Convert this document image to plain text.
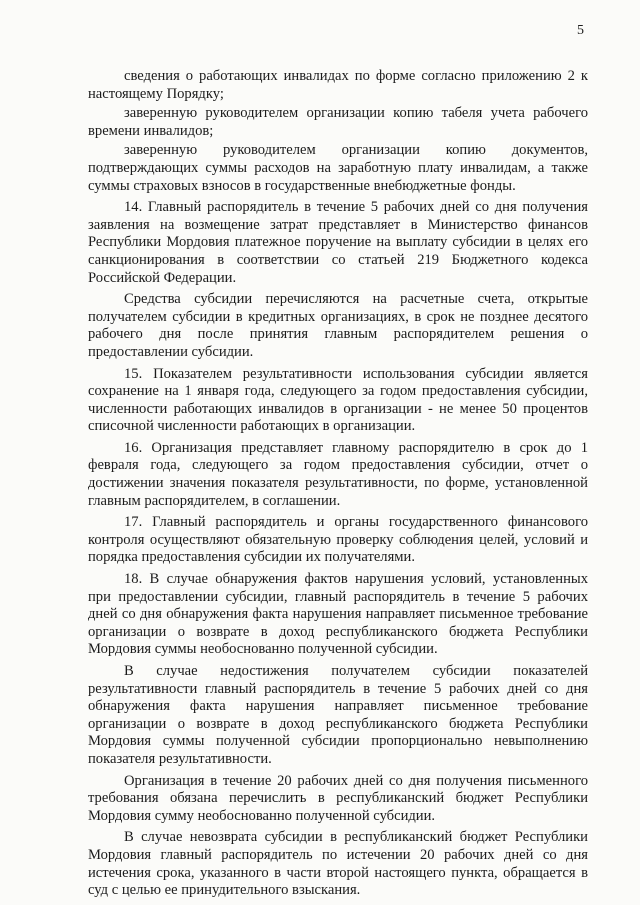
5

сведения о работающих инвалидах по форме согласно приложению 2 к настоящему Порядку;

заверенную руководителем организации копию табеля учета рабочего времени инвалидов;

заверенную руководителем организации копию документов, подтверждающих суммы расходов на заработную плату инвалидам, а также суммы страховых взносов в государственные внебюджетные фонды.

14. Главный распорядитель в течение 5 рабочих дней со дня получения заявления на возмещение затрат представляет в Министерство финансов Республики Мордовия платежное поручение на выплату субсидии в целях его санкционирования в соответствии со статьей 219 Бюджетного кодекса Российской Федерации.

Средства субсидии перечисляются на расчетные счета, открытые получателем субсидии в кредитных организациях, в срок не позднее десятого рабочего дня после принятия главным распорядителем решения о предоставлении субсидии.

15. Показателем результативности использования субсидии является сохранение на 1 января года, следующего за годом предоставления субсидии, численности работающих инвалидов в организации - не менее 50 процентов списочной численности работающих в организации.

16. Организация представляет главному распорядителю в срок до 1 февраля года, следующего за годом предоставления субсидии, отчет о достижении значения показателя результативности, по форме, установленной главным распорядителем, в соглашении.

17. Главный распорядитель и органы государственного финансового контроля осуществляют обязательную проверку соблюдения целей, условий и порядка предоставления субсидии их получателями.

18. В случае обнаружения фактов нарушения условий, установленных при предоставлении субсидии, главный распорядитель в течение 5 рабочих дней со дня обнаружения факта нарушения направляет письменное требование организации о возврате в доход республиканского бюджета Республики Мордовия суммы необоснованно полученной субсидии.

В случае недостижения получателем субсидии показателей результативности главный распорядитель в течение 5 рабочих дней со дня обнаружения факта нарушения направляет письменное требование организации о возврате в доход республиканского бюджета Республики Мордовия суммы полученной субсидии пропорционально невыполнению показателя результативности.

Организация в течение 20 рабочих дней со дня получения письменного требования обязана перечислить в республиканский бюджет Республики Мордовия сумму необоснованно полученной субсидии.

В случае невозврата субсидии в республиканский бюджет Республики Мордовия главный распорядитель по истечении 20 рабочих дней со дня истечения срока, указанного в части второй настоящего пункта, обращается в суд с целью ее принудительного взыскания.
